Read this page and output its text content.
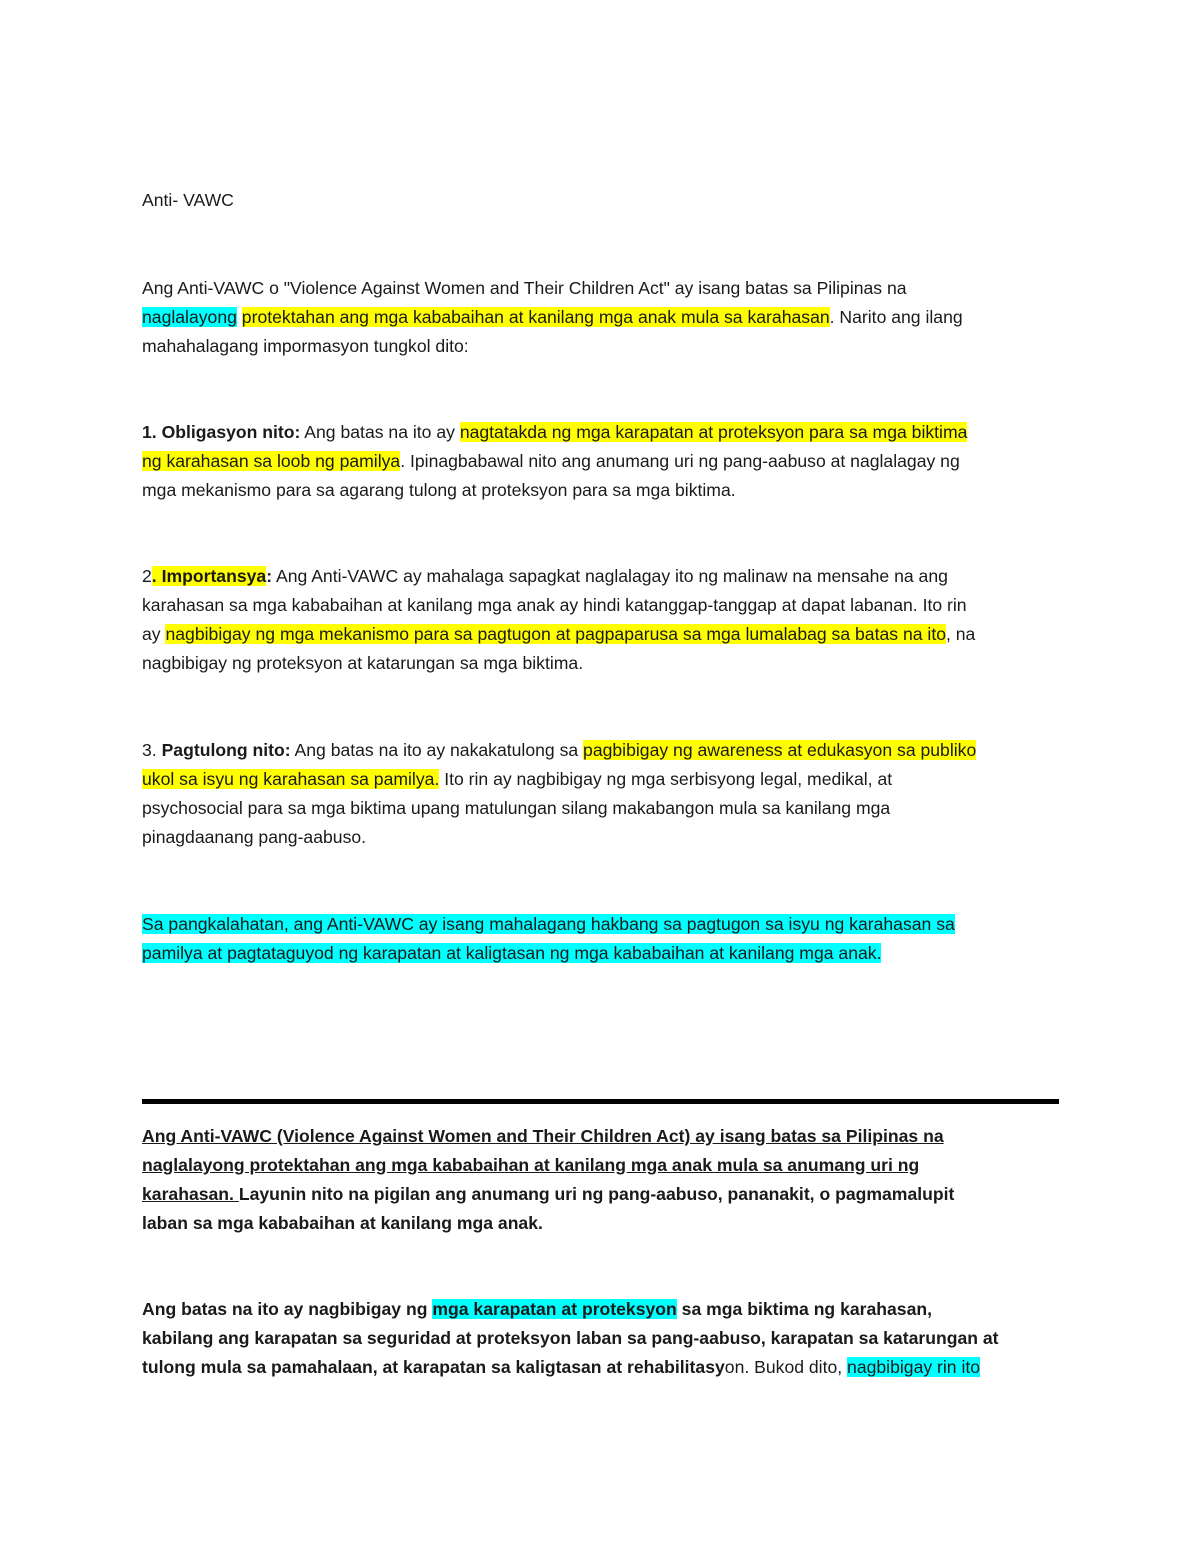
Anti- VAWC

Ang Anti-VAWC o "Violence Against Women and Their Children Act" ay isang batas sa Pilipinas na
naglalayong protektahan ang mga kababaihan at kanilang mga anak mula sa karahasan. Narito ang ilang
mahahalagang impormasyon tungkol dito:

1. Obligasyon nito: Ang batas na ito ay nagtatakda ng mga karapatan at proteksyon para sa mga biktima
ng karahasan sa loob ng pamilya. Ipinagbabawal nito ang anumang uri ng pang-aabuso at naglalagay ng
mga mekanismo para sa agarang tulong at proteksyon para sa mga biktima.

2. Importansya: Ang Anti-VAWC ay mahalaga sapagkat naglalagay ito ng malinaw na mensahe na ang
karahasan sa mga kababaihan at kanilang mga anak ay hindi katanggap-tanggap at dapat labanan. Ito rin
ay nagbibigay ng mga mekanismo para sa pagtugon at pagpaparusa sa mga lumalabag sa batas na ito, na
nagbibigay ng proteksyon at katarungan sa mga biktima.

3. Pagtulong nito: Ang batas na ito ay nakakatulong sa pagbibigay ng awareness at edukasyon sa publiko
ukol sa isyu ng karahasan sa pamilya. Ito rin ay nagbibigay ng mga serbisyong legal, medikal, at
psychosocial para sa mga biktima upang matulungan silang makabangon mula sa kanilang mga
pinagdaanang pang-aabuso.

Sa pangkalahatan, ang Anti-VAWC ay isang mahalagang hakbang sa pagtugon sa isyu ng karahasan sa
pamilya at pagtataguyod ng karapatan at kaligtasan ng mga kababaihan at kanilang mga anak.

Ang Anti-VAWC (Violence Against Women and Their Children Act) ay isang batas sa Pilipinas na
naglalayong protektahan ang mga kababaihan at kanilang mga anak mula sa anumang uri ng
karahasan. Layunin nito na pigilan ang anumang uri ng pang-aabuso, pananakit, o pagmamalupit
laban sa mga kababaihan at kanilang mga anak.

Ang batas na ito ay nagbibigay ng mga karapatan at proteksyon sa mga biktima ng karahasan,
kabilang ang karapatan sa seguridad at proteksyon laban sa pang-aabuso, karapatan sa katarungan at
tulong mula sa pamahalaan, at karapatan sa kaligtasan at rehabilitasyon. Bukod dito, nagbibigay rin ito
